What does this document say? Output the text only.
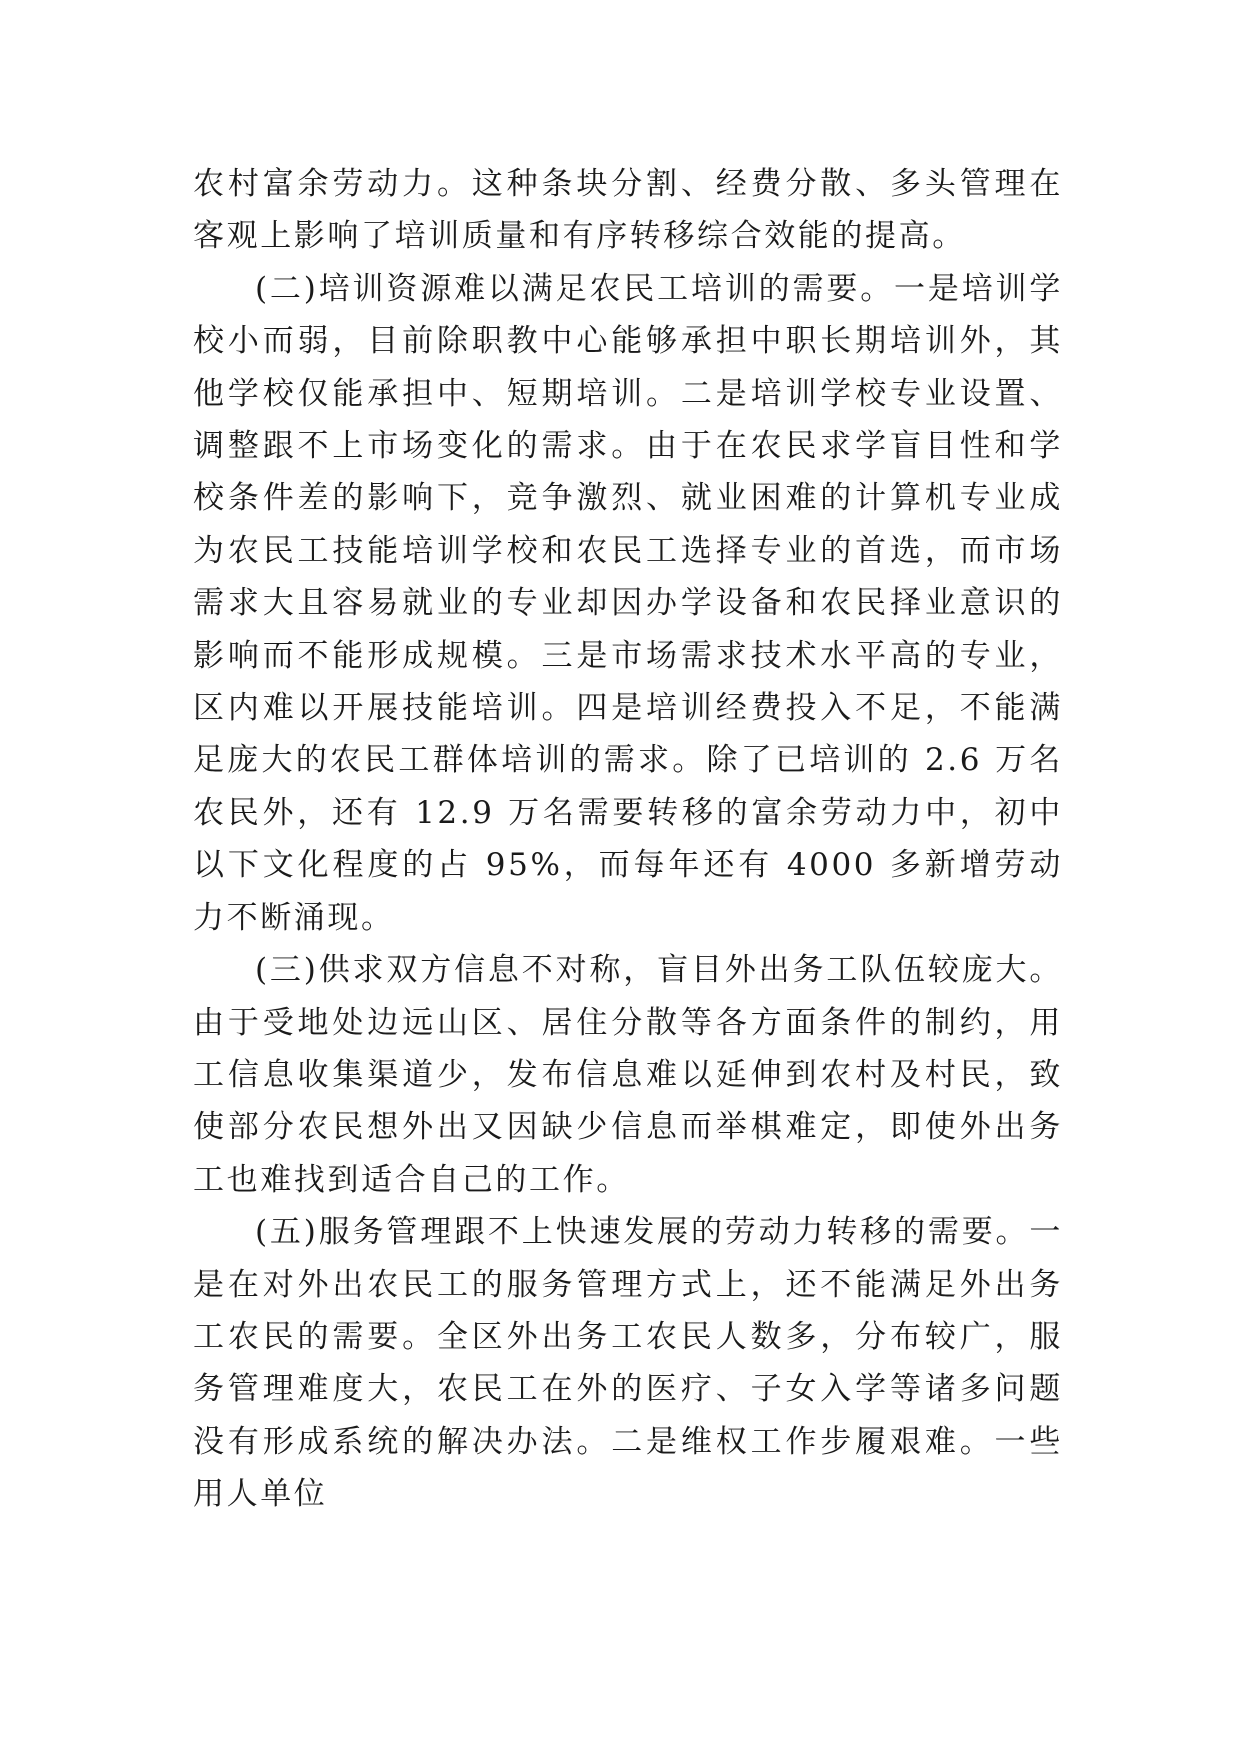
农村富余劳动力。这种条块分割、经费分散、多头管理在客观上影响了培训质量和有序转移综合效能的提高。

(二)培训资源难以满足农民工培训的需要。一是培训学校小而弱，目前除职教中心能够承担中职长期培训外，其他学校仅能承担中、短期培训。二是培训学校专业设置、调整跟不上市场变化的需求。由于在农民求学盲目性和学校条件差的影响下，竞争激烈、就业困难的计算机专业成为农民工技能培训学校和农民工选择专业的首选，而市场需求大且容易就业的专业却因办学设备和农民择业意识的影响而不能形成规模。三是市场需求技术水平高的专业，区内难以开展技能培训。四是培训经费投入不足，不能满足庞大的农民工群体培训的需求。除了已培训的 2.6 万名农民外，还有 12.9 万名需要转移的富余劳动力中，初中以下文化程度的占 95%，而每年还有 4000 多新增劳动力不断涌现。

(三)供求双方信息不对称，盲目外出务工队伍较庞大。由于受地处边远山区、居住分散等各方面条件的制约，用工信息收集渠道少，发布信息难以延伸到农村及村民，致使部分农民想外出又因缺少信息而举棋难定，即使外出务工也难找到适合自己的工作。

(五)服务管理跟不上快速发展的劳动力转移的需要。一是在对外出农民工的服务管理方式上，还不能满足外出务工农民的需要。全区外出务工农民人数多，分布较广，服务管理难度大，农民工在外的医疗、子女入学等诸多问题没有形成系统的解决办法。二是维权工作步履艰难。一些用人单位
